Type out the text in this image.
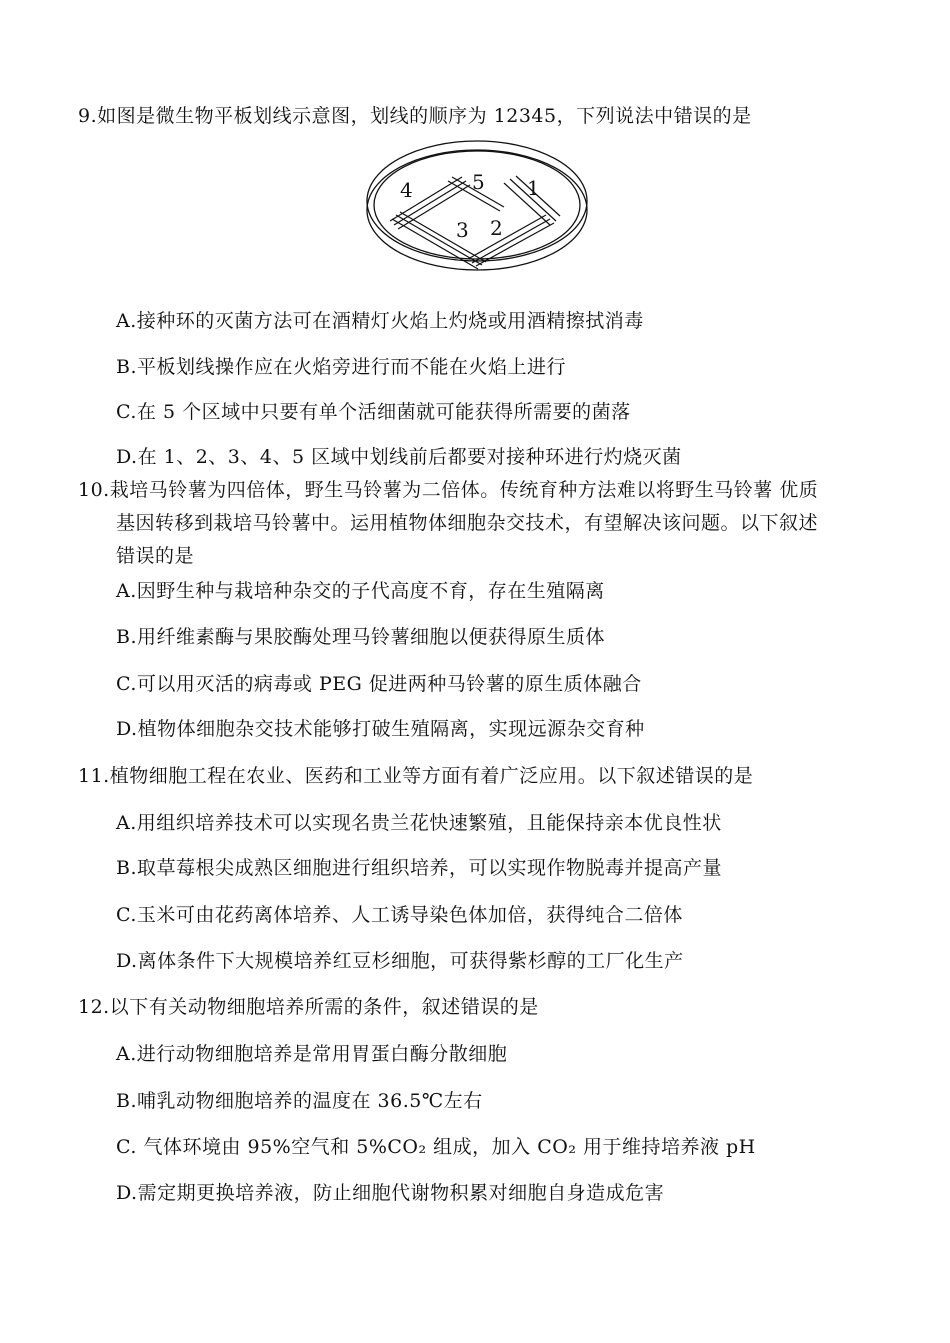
9.如图是微生物平板划线示意图，划线的顺序为 12345，下列说法中错误的是
1
2
3
4	5
A.接种环的灭菌方法可在酒精灯火焰上灼烧或用酒精擦拭消毒
B.平板划线操作应在火焰旁进行而不能在火焰上进行
C.在 5 个区域中只要有单个活细菌就可能获得所需要的菌落
D.在 1、2、3、4、5 区域中划线前后都要对接种环进行灼烧灭菌
10.栽培马铃薯为四倍体，野生马铃薯为二倍体。传统育种方法难以将野生马铃薯 优质
基因转移到栽培马铃薯中。运用植物体细胞杂交技术，有望解决该问题。以下叙述
错误的是
A.因野生种与栽培种杂交的子代高度不育，存在生殖隔离
B.用纤维素酶与果胶酶处理马铃薯细胞以便获得原生质体
C.可以用灭活的病毒或 PEG 促进两种马铃薯的原生质体融合
D.植物体细胞杂交技术能够打破生殖隔离，实现远源杂交育种
11.植物细胞工程在农业、医药和工业等方面有着广泛应用。以下叙述错误的是
A.用组织培养技术可以实现名贵兰花快速繁殖，且能保持亲本优良性状
B.取草莓根尖成熟区细胞进行组织培养，可以实现作物脱毒并提高产量
C.玉米可由花药离体培养、人工诱导染色体加倍，获得纯合二倍体
D.离体条件下大规模培养红豆杉细胞，可获得紫杉醇的工厂化生产
12.以下有关动物细胞培养所需的条件，叙述错误的是
A.进行动物细胞培养是常用胃蛋白酶分散细胞
B.哺乳动物细胞培养的温度在 36.5℃左右
C. 气体环境由 95%空气和 5%CO₂ 组成，加入 CO₂ 用于维持培养液 pH
D.需定期更换培养液，防止细胞代谢物积累对细胞自身造成危害
